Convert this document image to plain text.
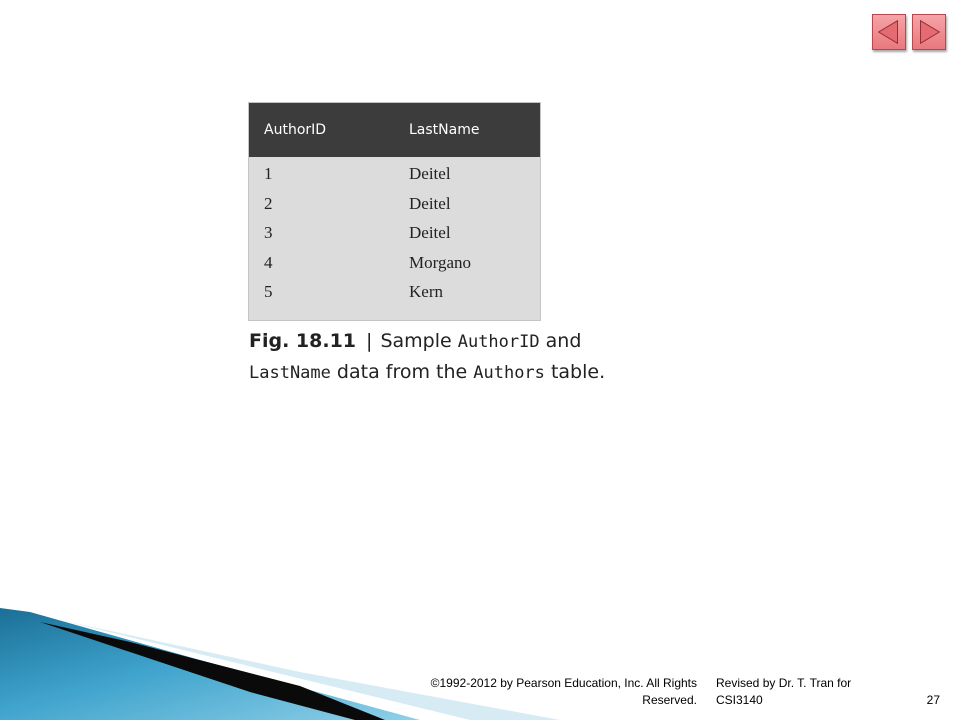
AuthorID	LastName
1	Deitel
2	Deitel
3	Deitel
4	Morgano
5	Kern
Fig. 18.11 | Sample AuthorID and
LastName data from the Authors table.
©1992-2012 by Pearson Education, Inc. All Rights Reserved.
Revised by Dr. T. Tran for CSI3140	27
